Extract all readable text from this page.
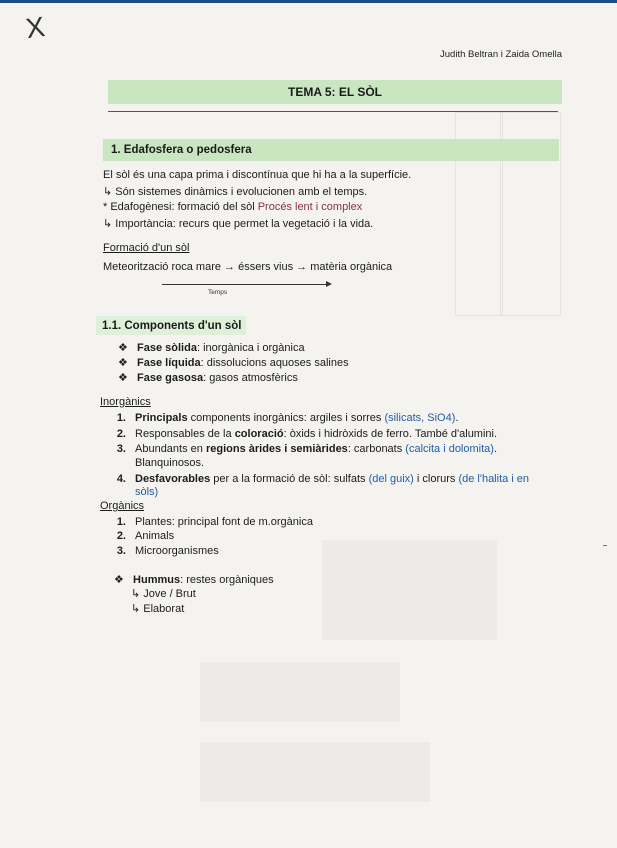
X
Judith Beltran i Zaida Omella
TEMA 5: EL SÒL
1. Edafosfera o pedosfera
El sòl és una capa prima i discontínua que hi ha a la superfície.
↳ Són sistemes dinàmics i evolucionen amb el temps.
* Edafogènesi: formació del sòl Procés lent i complex
↳ Importància: recurs que permet la vegetació i la vida.
Formació d'un sòl
Meteorització roca mare → éssers vius → matèria orgànica
Temps
1.1. Components d'un sòl
❖   Fase sòlida: inorgànica i orgànica
❖   Fase líquida: dissolucions aquoses salines
❖   Fase gasosa: gasos atmosfèrics
Inorgànics
1. Principals components inorgànics: argiles i sorres (silicats, SiO4).
2. Responsables de la coloració: òxids i hidròxids de ferro. També d'alumini.
3. Abundants en regions àrides i semiàrides: carbonats (calcita i dolomita).
Blanquinosos.
4. Desfavorables per a la formació de sòl: sulfats (del guix) i clorurs (de l'halita i en
sòls)
Orgànics
1. Plantes: principal font de m.orgànica
2. Animals
3. Microorganismes
❖   Hummus: restes orgàniques
↳ Jove / Brut
↳ Elaborat
